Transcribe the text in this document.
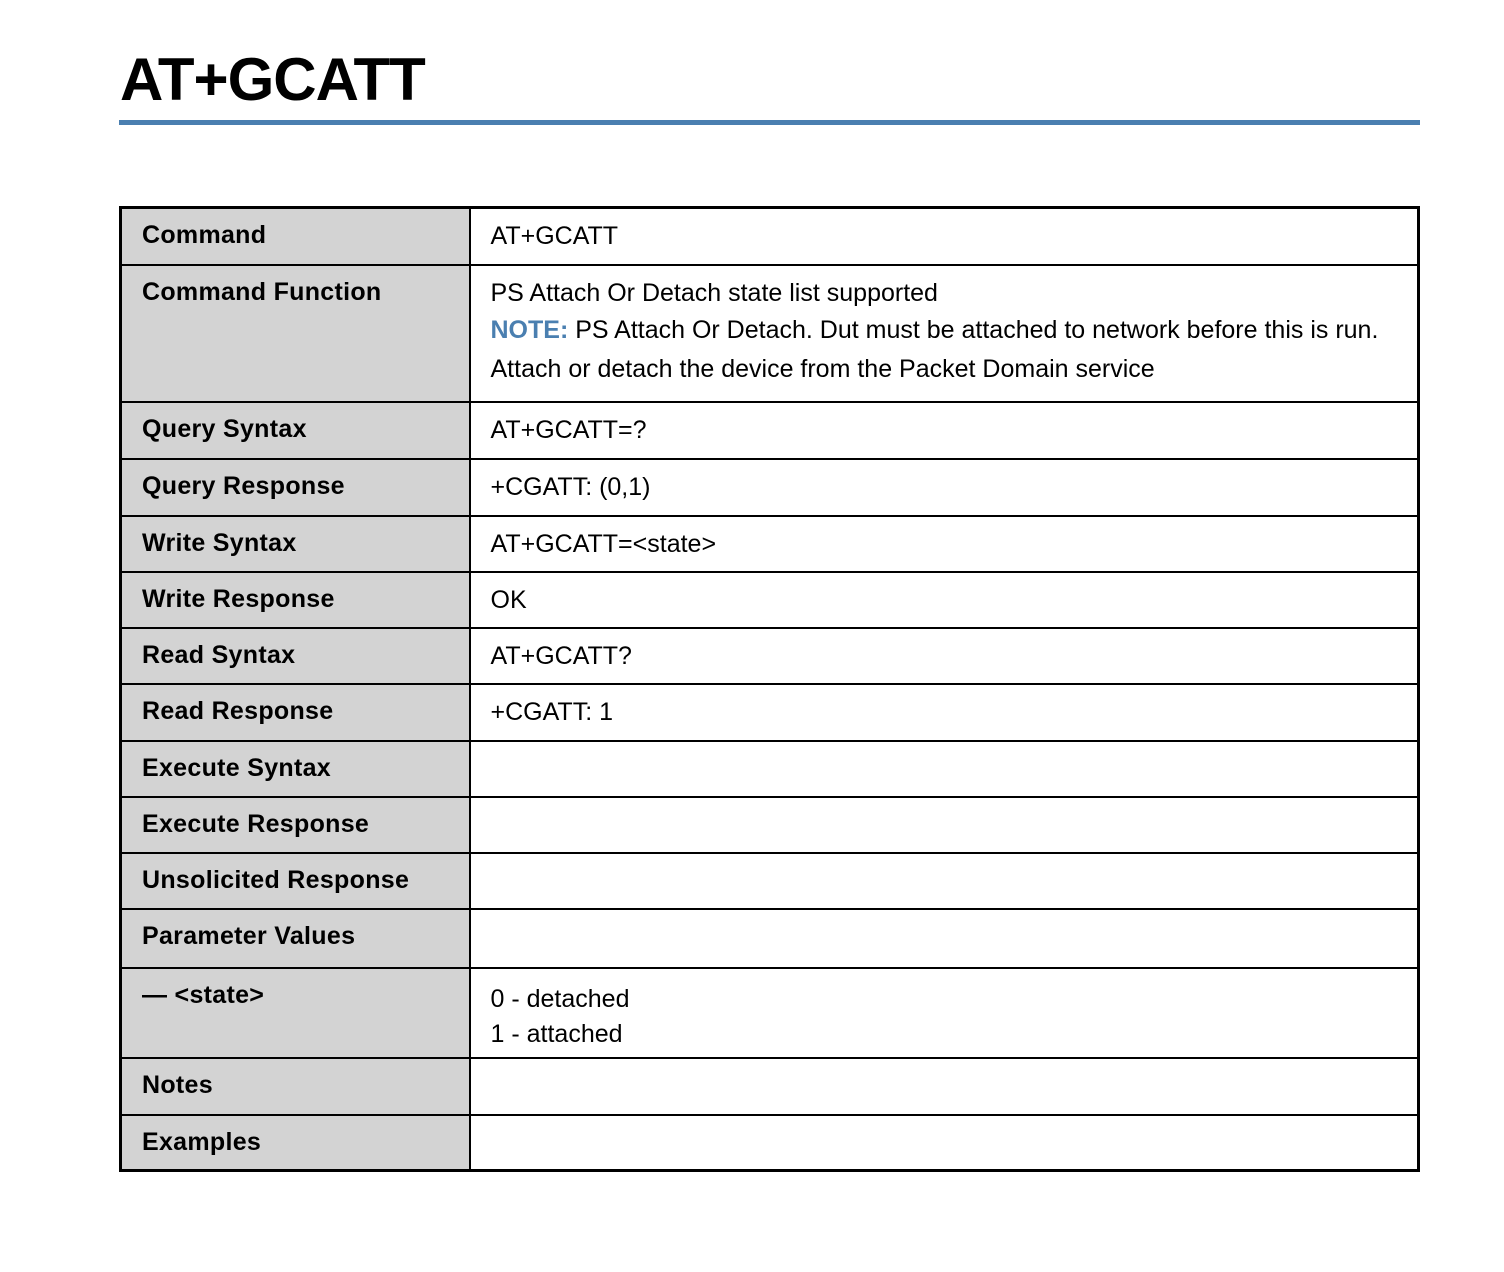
AT+GCATT
Command	AT+GCATT
Command Function	PS Attach Or Detach state list supported
NOTE: PS Attach Or Detach. Dut must be attached to network before this is run.
Attach or detach the device from the Packet Domain service

Query Syntax	AT+GCATT=?
Query Response	+CGATT: (0,1)
Write Syntax	AT+GCATT=<state>
Write Response	OK
Read Syntax	AT+GCATT?
Read Response	+CGATT: 1
Execute Syntax	
Execute Response	
Unsolicited Response	
Parameter Values	
— <state>	0 - detached
1 - attached

Notes	
Examples	
